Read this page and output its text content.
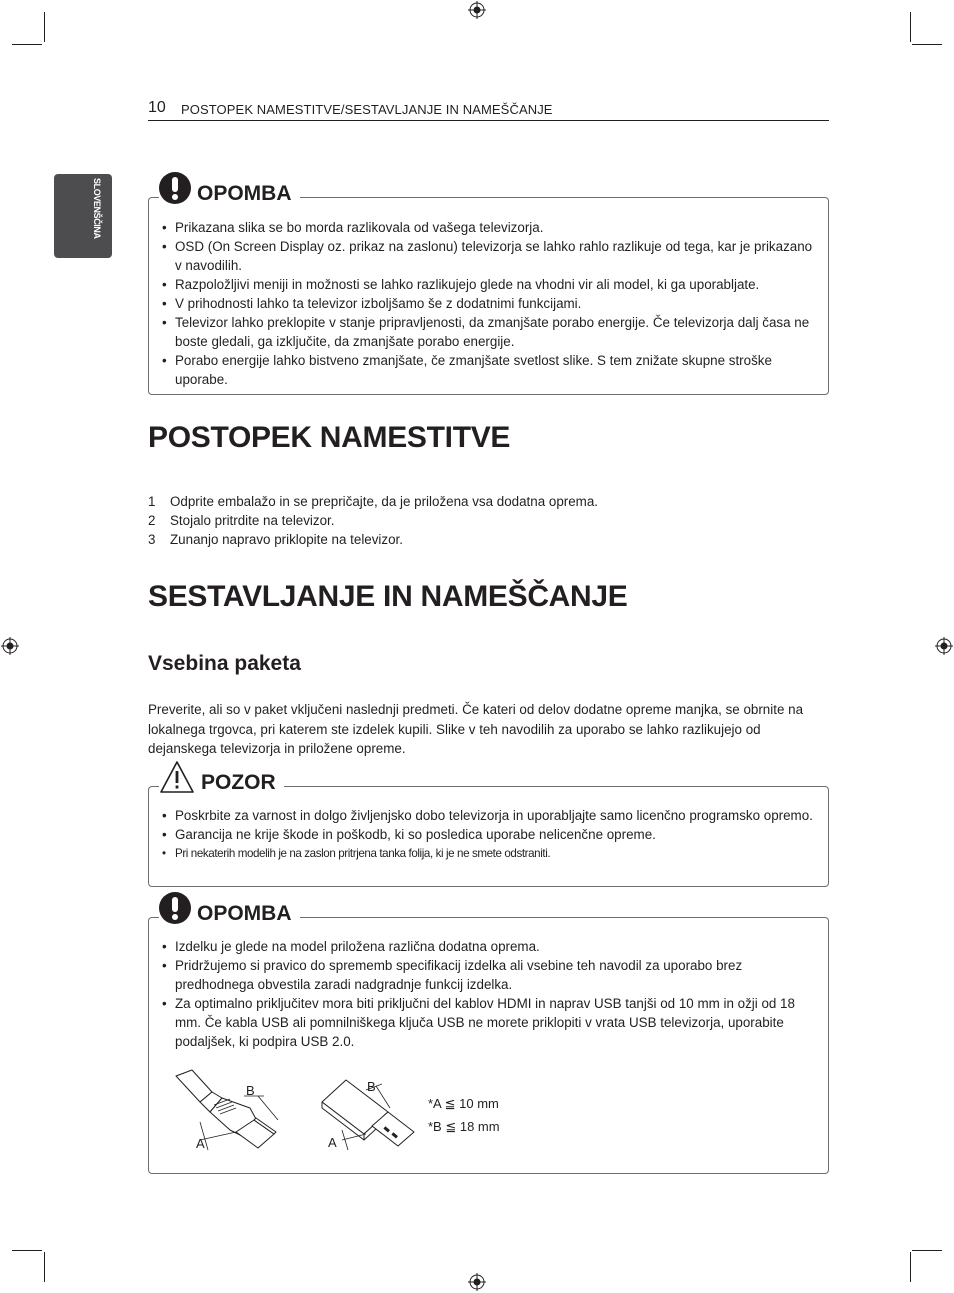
10 POSTOPEK NAMESTITVE/SESTAVLJANJE IN NAMEŠČANJE
SLOVENŠČINA	OPOMBA
• Prikazana slika se bo morda razlikovala od vašega televizorja.
• OSD (On Screen Display oz. prikaz na zaslonu) televizorja se lahko rahlo razlikuje od tega, kar je prikazano v navodilih.
• Razpoložljivi meniji in možnosti se lahko razlikujejo glede na vhodni vir ali model, ki ga uporabljate.
• V prihodnosti lahko ta televizor izboljšamo še z dodatnimi funkcijami.
• Televizor lahko preklopite v stanje pripravljenosti, da zmanjšate porabo energije. Če televizorja dalj časa ne boste gledali, ga izključite, da zmanjšate porabo energije.
• Porabo energije lahko bistveno zmanjšate, če zmanjšate svetlost slike. S tem znižate skupne stroške uporabe.
POSTOPEK NAMESTITVE
1 Odprite embalažo in se prepričajte, da je priložena vsa dodatna oprema.
2 Stojalo pritrdite na televizor.
3 Zunanjo napravo priklopite na televizor.
SESTAVLJANJE IN NAMEŠČANJE
Vsebina paketa

Preverite, ali so v paket vključeni naslednji predmeti. Če kateri od delov dodatne opreme manjka, se obrnite na lokalnega trgovca, pri katerem ste izdelek kupili. Slike v teh navodilih za uporabo se lahko razlikujejo od dejanskega televizorja in priložene opreme.

POZOR
• Poskrbite za varnost in dolgo življenjsko dobo televizorja in uporabljajte samo licenčno programsko opremo.
• Garancija ne krije škode in poškodb, ki so posledica uporabe nelicenčne opreme.
• Pri nekaterih modelih je na zaslon pritrjena tanka folija, ki je ne smete odstraniti.
OPOMBA
• Izdelku je glede na model priložena različna dodatna oprema.
• Pridržujemo si pravico do sprememb specifikacij izdelka ali vsebine teh navodil za uporabo brez predhodnega obvestila zaradi nadgradnje funkcij izdelka.
• Za optimalno priključitev mora biti priključni del kablov HDMI in naprav USB tanjši od 10 mm in ožji od 18 mm. Če kabla USB ali pomnilniškega ključa USB ne morete priklopiti v vrata USB televizorja, uporabite podaljšek, ki podpira USB 2.0.
B
A
B
A
*A ≦ 10 mm
*B ≦ 18 mm
